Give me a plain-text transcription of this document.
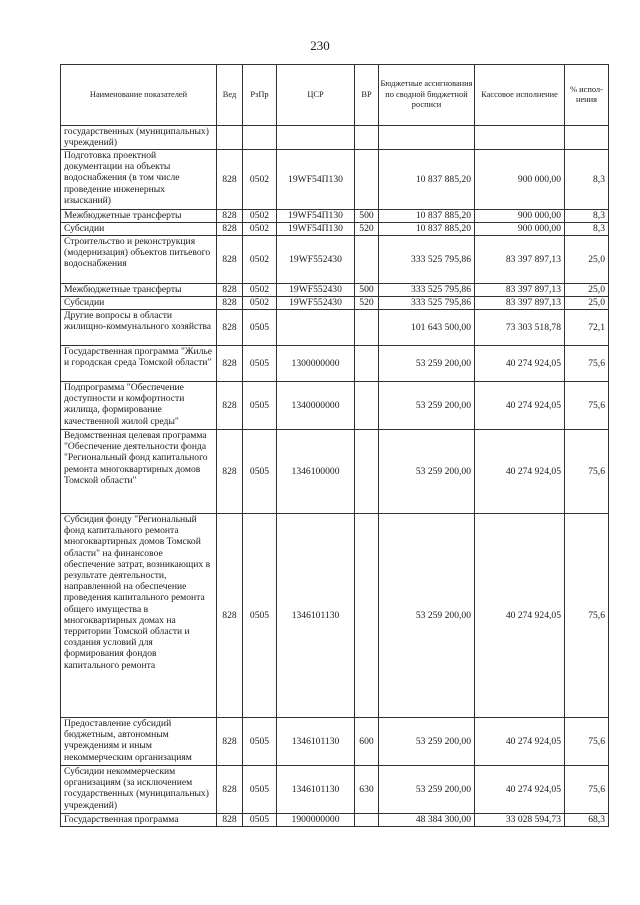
230
Наименование показателей	Вед	РзПр	ЦСР	ВР	Бюджетные ассигнования по сводной бюджетной росписи	Кассовое исполнение	% испол-нения
государственных (муниципальных) учреждений)							
Подготовка проектной документации на объекты водоснабжения (в том числе проведение инженерных изысканий)	828	0502	19WF54П130		10 837 885,20	900 000,00	8,3
Межбюджетные трансферты	828	0502	19WF54П130	500	10 837 885,20	900 000,00	8,3
Субсидии	828	0502	19WF54П130	520	10 837 885,20	900 000,00	8,3
Строительство и реконструкция (модернизация) объектов питьевого водоснабжения	828	0502	19WF552430		333 525 795,86	83 397 897,13	25,0
Межбюджетные трансферты	828	0502	19WF552430	500	333 525 795,86	83 397 897,13	25,0
Субсидии	828	0502	19WF552430	520	333 525 795,86	83 397 897,13	25,0
Другие вопросы в области жилищно-коммунального хозяйства	828	0505			101 643 500,00	73 303 518,78	72,1
Государственная программа "Жилье и городская среда Томской области"	828	0505	1300000000		53 259 200,00	40 274 924,05	75,6
Подпрограмма "Обеспечение доступности и комфортности жилища, формирование качественной жилой среды"	828	0505	1340000000		53 259 200,00	40 274 924,05	75,6
Ведомственная целевая программа "Обеспечение деятельности фонда "Региональный фонд капитального ремонта многоквартирных домов Томской области"	828	0505	1346100000		53 259 200,00	40 274 924,05	75,6
Субсидия фонду "Региональный фонд капитального ремонта многоквартирных домов Томской области" на финансовое обеспечение затрат, возникающих в результате деятельности, направленной на обеспечение проведения капитального ремонта общего имущества в многоквартирных домах на территории Томской области и создания условий для формирования фондов капитального ремонта	828	0505	1346101130		53 259 200,00	40 274 924,05	75,6
Предоставление субсидий бюджетным, автономным учреждениям и иным некоммерческим организациям	828	0505	1346101130	600	53 259 200,00	40 274 924,05	75,6
Субсидии некоммерческим организациям (за исключением государственных (муниципальных) учреждений)	828	0505	1346101130	630	53 259 200,00	40 274 924,05	75,6
Государственная программа	828	0505	1900000000		48 384 300,00	33 028 594,73	68,3
